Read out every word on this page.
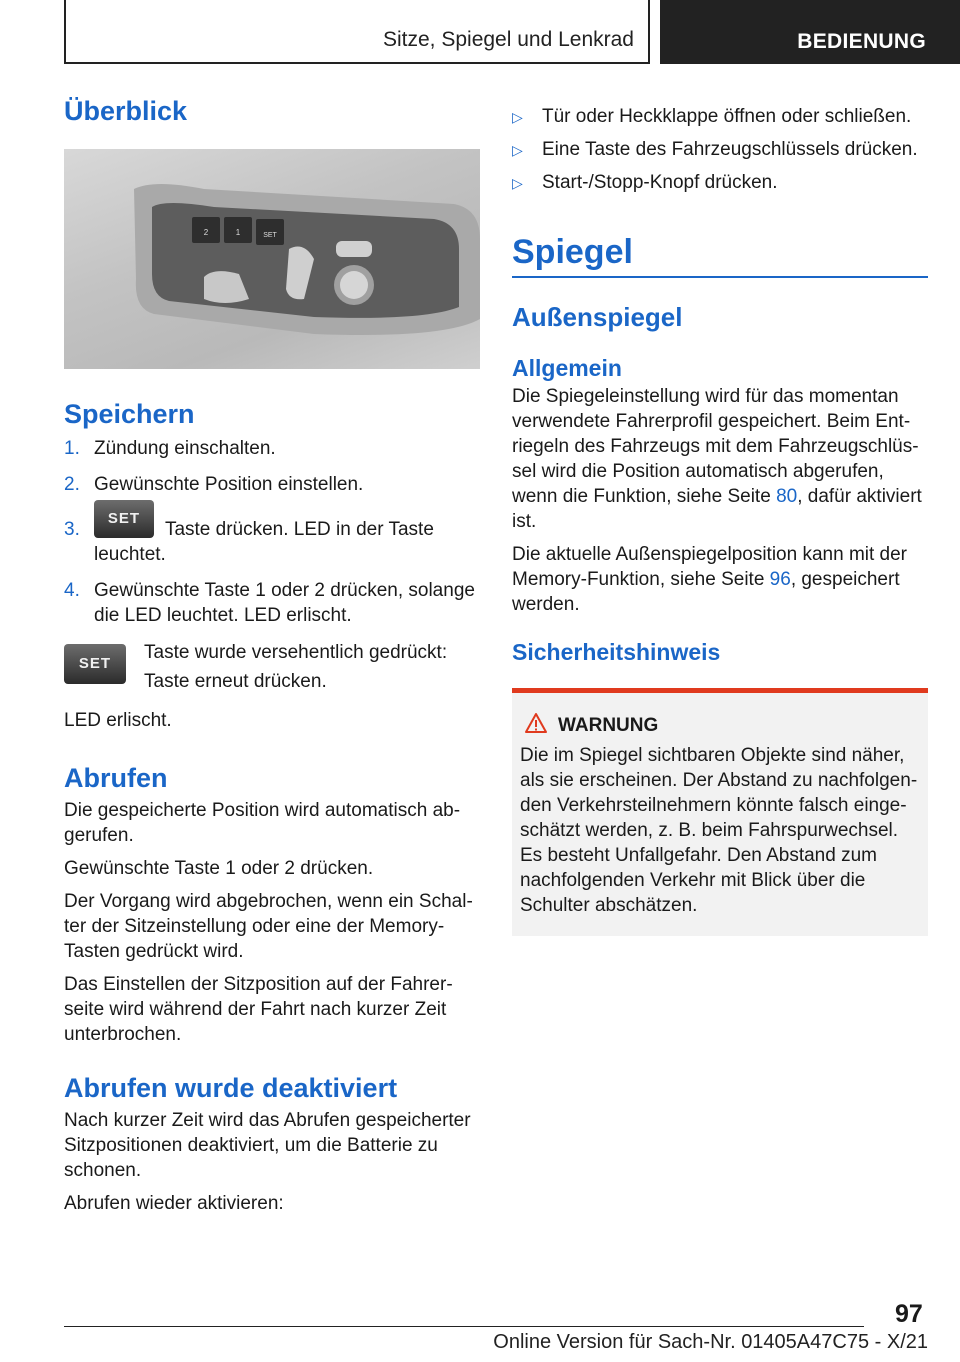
Sitze, Spiegel und Lenkrad	BEDIENUNG
Überblick
2	1	SET
Speichern
1. Zündung einschalten.
2. Gewünschte Position einstellen.
3.
SET Taste drücken. LED in der Taste leuchtet.
4. Gewünschte Taste 1 oder 2 drücken, solange die LED leuchtet. LED erlischt.
SET

Taste wurde versehentlich gedrückt:
Taste erneut drücken.

LED erlischt.

Abrufen

Die gespeicherte Position wird automatisch abgerufen.

Gewünschte Taste 1 oder 2 drücken.

Der Vorgang wird abgebrochen, wenn ein Schalter der Sitzeinstellung oder eine der Memory-Tasten gedrückt wird.

Das Einstellen der Sitzposition auf der Fahrerseite wird während der Fahrt nach kurzer Zeit unterbrochen.

Abrufen wurde deaktiviert

Nach kurzer Zeit wird das Abrufen gespeicherter Sitzpositionen deaktiviert, um die Batterie zu schonen.

Abrufen wieder aktivieren:

▷ Tür oder Heckklappe öffnen oder schließen.
▷ Eine Taste des Fahrzeugschlüssels drücken.
▷ Start-/Stopp-Knopf drücken.
Spiegel
Außenspiegel
Allgemein

Die Spiegeleinstellung wird für das momentan verwendete Fahrerprofil gespeichert. Beim Entriegeln des Fahrzeugs mit dem Fahrzeugschlüssel wird die Position automatisch abgerufen, wenn die Funktion, siehe Seite 80, dafür aktiviert ist.

Die aktuelle Außenspiegelposition kann mit der Memory-Funktion, siehe Seite 96, gespeichert werden.

Sicherheitshinweis
WARNUNG

Die im Spiegel sichtbaren Objekte sind näher, als sie erscheinen. Der Abstand zu nachfolgenden Verkehrsteilnehmern könnte falsch eingeschätzt werden, z. B. beim Fahrspurwechsel. Es besteht Unfallgefahr. Den Abstand zum nachfolgenden Verkehr mit Blick über die Schulter abschätzen.

97
Online Version für Sach-Nr. 01405A47C75 - X/21
